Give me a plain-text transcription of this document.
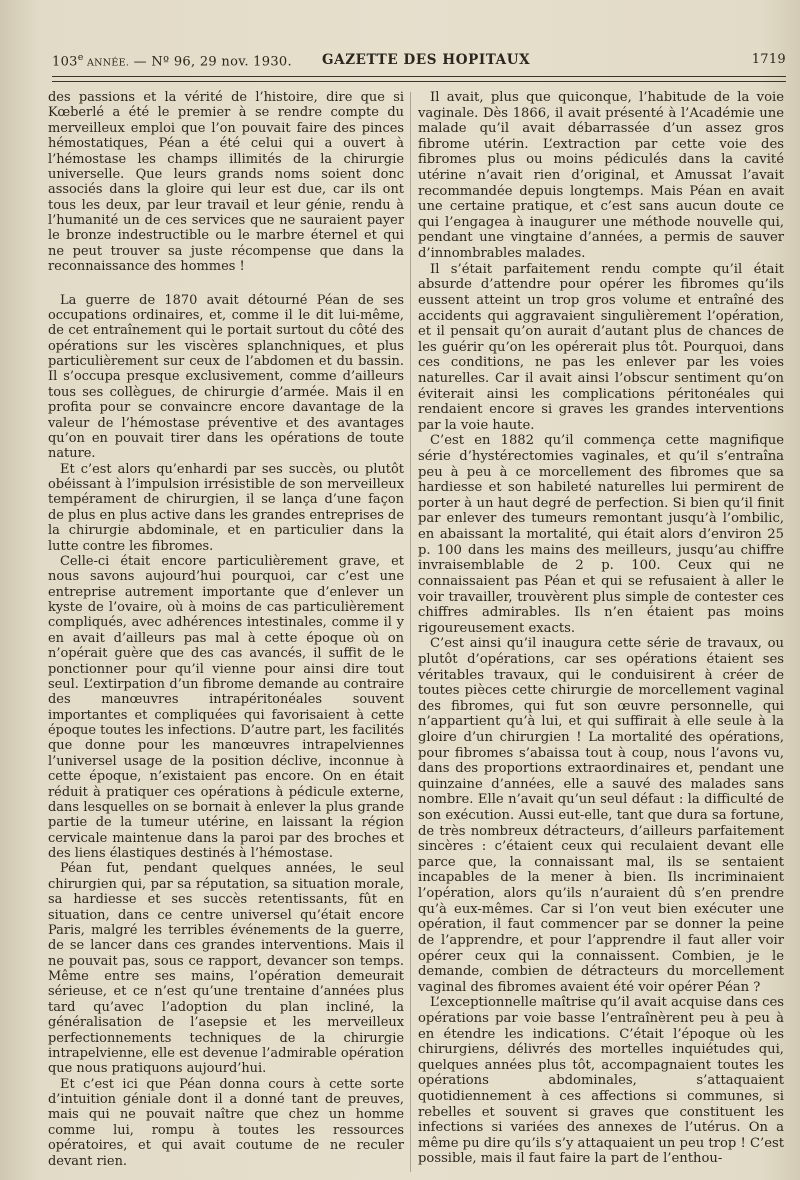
103e ANNÉE. — Nº 96, 29 nov. 1930. GAZETTE DES HOPITAUX	1719

des passions et la vérité de l’histoire, dire que si Kœberlé a été le premier à se rendre compte du merveilleux emploi que l’on pouvait faire des pinces hémostatiques, Péan a été celui qui a ouvert à l’hémostase les champs illimités de la chirurgie universelle. Que leurs grands noms soient donc associés dans la gloire qui leur est due, car ils ont tous les deux, par leur travail et leur génie, rendu à l’humanité un de ces services que ne sauraient payer le bronze indestructible ou le marbre éternel et qui ne peut trouver sa juste récompense que dans la reconnaissance des hommes !

La guerre de 1870 avait détourné Péan de ses occupations ordinaires, et, comme il le dit lui-même, de cet entraînement qui le portait surtout du côté des opérations sur les viscères splanchniques, et plus particulièrement sur ceux de l’abdomen et du bassin. Il s’occupa presque exclusivement, comme d’ailleurs tous ses collègues, de chirurgie d’armée. Mais il en profita pour se convaincre encore davantage de la valeur de l’hémostase préventive et des avantages qu’on en pouvait tirer dans les opérations de toute nature.

Et c’est alors qu’enhardi par ses succès, ou plutôt obéissant à l’impulsion irrésistible de son merveilleux tempérament de chirurgien, il se lança d’une façon de plus en plus active dans les grandes entreprises de la chirurgie abdominale, et en particulier dans la lutte contre les fibromes.

Celle-ci était encore particulièrement grave, et nous savons aujourd’hui pourquoi, car c’est une entreprise autrement importante que d’enlever un kyste de l’ovaire, où à moins de cas particulièrement compliqués, avec adhérences intestinales, comme il y en avait d’ailleurs pas mal à cette époque où on n’opérait guère que des cas avancés, il suffit de le ponctionner pour qu’il vienne pour ainsi dire tout seul. L’extirpation d’un fibrome demande au contraire des manœuvres intrapéritonéales souvent importantes et compliquées qui favorisaient à cette époque toutes les infections. D’autre part, les facilités que donne pour les manœuvres intrapelviennes l’universel usage de la position déclive, inconnue à cette époque, n’existaient pas encore. On en était réduit à pratiquer ces opérations à pédicule externe, dans lesquelles on se bornait à enlever la plus grande partie de la tumeur utérine, en laissant la région cervicale maintenue dans la paroi par des broches et des liens élastiques destinés à l’hémostase.

Péan fut, pendant quelques années, le seul chirurgien qui, par sa réputation, sa situation morale, sa hardiesse et ses succès retentissants, fût en situation, dans ce centre universel qu’était encore Paris, malgré les terribles événements de la guerre, de se lancer dans ces grandes interventions. Mais il ne pouvait pas, sous ce rapport, devancer son temps. Même entre ses mains, l’opération demeurait sérieuse, et ce n’est qu’une trentaine d’années plus tard qu’avec l’adoption du plan incliné, la généralisation de l’asepsie et les merveilleux perfectionnements techniques de la chirurgie intrapelvienne, elle est devenue l’admirable opération que nous pratiquons aujourd’hui.

Et c’est ici que Péan donna cours à cette sorte d’intuition géniale dont il a donné tant de preuves, mais qui ne pouvait naître que chez un homme comme lui, rompu à toutes les ressources opératoires, et qui avait coutume de ne reculer devant rien.

Il avait, plus que quiconque, l’habitude de la voie vaginale. Dès 1866, il avait présenté à l’Académie une malade qu’il avait débarrassée d’un assez gros fibrome utérin. L’extraction par cette voie des fibromes plus ou moins pédiculés dans la cavité utérine n’avait rien d’original, et Amussat l’avait recommandée depuis longtemps. Mais Péan en avait une certaine pratique, et c’est sans aucun doute ce qui l’engagea à inaugurer une méthode nouvelle qui, pendant une vingtaine d’années, a permis de sauver d’innombrables malades.

Il s’était parfaitement rendu compte qu’il était absurde d’attendre pour opérer les fibromes qu’ils eussent atteint un trop gros volume et entraîné des accidents qui aggravaient singulièrement l’opération, et il pensait qu’on aurait d’autant plus de chances de les guérir qu’on les opérerait plus tôt. Pourquoi, dans ces conditions, ne pas les enlever par les voies naturelles. Car il avait ainsi l’obscur sentiment qu’on éviterait ainsi les complications péritonéales qui rendaient encore si graves les grandes interventions par la voie haute.

C’est en 1882 qu’il commença cette magnifique série d’hystérectomies vaginales, et qu’il s’entraîna peu à peu à ce morcellement des fibromes que sa hardiesse et son habileté naturelles lui permirent de porter à un haut degré de perfection. Si bien qu’il finit par enlever des tumeurs remontant jusqu’à l’ombilic, en abaissant la mortalité, qui était alors d’environ 25 p. 100 dans les mains des meilleurs, jusqu’au chiffre invraisemblable de 2 p. 100. Ceux qui ne connaissaient pas Péan et qui se refusaient à aller le voir travailler, trouvèrent plus simple de contester ces chiffres admirables. Ils n’en étaient pas moins rigoureusement exacts.

C’est ainsi qu’il inaugura cette série de travaux, ou plutôt d’opérations, car ses opérations étaient ses véritables travaux, qui le conduisirent à créer de toutes pièces cette chirurgie de morcellement vaginal des fibromes, qui fut son œuvre personnelle, qui n’appartient qu’à lui, et qui suffirait à elle seule à la gloire d’un chirurgien ! La mortalité des opérations, pour fibromes s’abaissa tout à coup, nous l’avons vu, dans des proportions extraordinaires et, pendant une quinzaine d’années, elle a sauvé des malades sans nombre. Elle n’avait qu’un seul défaut : la difficulté de son exécution. Aussi eut-elle, tant que dura sa fortune, de très nombreux détracteurs, d’ailleurs parfaitement sincères : c’étaient ceux qui reculaient devant elle parce que, la connaissant mal, ils se sentaient incapables de la mener à bien. Ils incriminaient l’opération, alors qu’ils n’auraient dû s’en prendre qu’à eux-mêmes. Car si l’on veut bien exécuter une opération, il faut commencer par se donner la peine de l’apprendre, et pour l’apprendre il faut aller voir opérer ceux qui la connaissent. Combien, je le demande, combien de détracteurs du morcellement vaginal des fibromes avaient été voir opérer Péan ?

L’exceptionnelle maîtrise qu’il avait acquise dans ces opérations par voie basse l’entraînèrent peu à peu à en étendre les indications. C’était l’époque où les chirurgiens, délivrés des mortelles inquiétudes qui, quelques années plus tôt, accompagnaient toutes les opérations abdominales, s’attaquaient quotidiennement à ces affections si communes, si rebelles et souvent si graves que constituent les infections si variées des annexes de l’utérus. On a même pu dire qu’ils s’y attaquaient un peu trop ! C’est possible, mais il faut faire la part de l’enthou-
